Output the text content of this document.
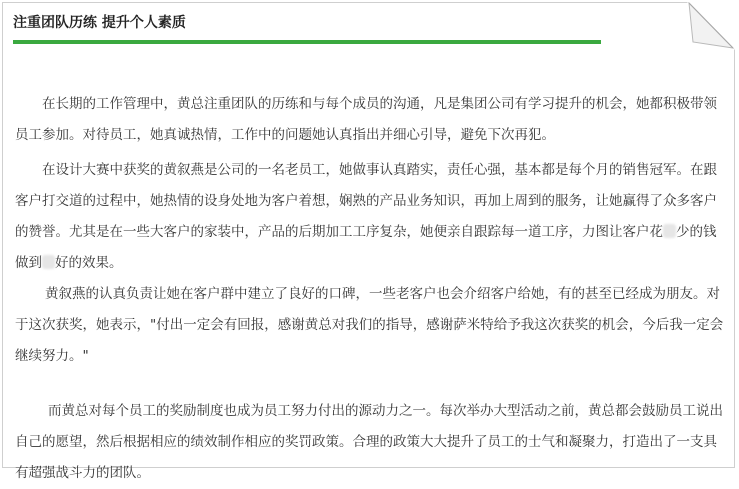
注重团队历练 提升个人素质

在长期的工作管理中，黄总注重团队的历练和与每个成员的沟通，凡是集团公司有学习提升的机会，她都积极带领员工参加。对待员工，她真诚热情，工作中的问题她认真指出并细心引导，避免下次再犯。

在设计大赛中获奖的黄叙燕是公司的一名老员工，她做事认真踏实，责任心强，基本都是每个月的销售冠军。在跟客户打交道的过程中，她热情的设身处地为客户着想，娴熟的产品业务知识，再加上周到的服务，让她赢得了众多客户的赞誉。尤其是在一些大客户的家装中，产品的后期加工工序复杂，她便亲自跟踪每一道工序，力图让客户花 少的钱做到 好的效果。

黄叙燕的认真负责让她在客户群中建立了良好的口碑，一些老客户也会介绍客户给她，有的甚至已经成为朋友。对于这次获奖，她表示，"付出一定会有回报，感谢黄总对我们的指导，感谢萨米特给予我这次获奖的机会，今后我一定会继续努力。"

而黄总对每个员工的奖励制度也成为员工努力付出的源动力之一。每次举办大型活动之前，黄总都会鼓励员工说出自己的愿望，然后根据相应的绩效制作相应的奖罚政策。合理的政策大大提升了员工的士气和凝聚力，打造出了一支具有超强战斗力的团队。
